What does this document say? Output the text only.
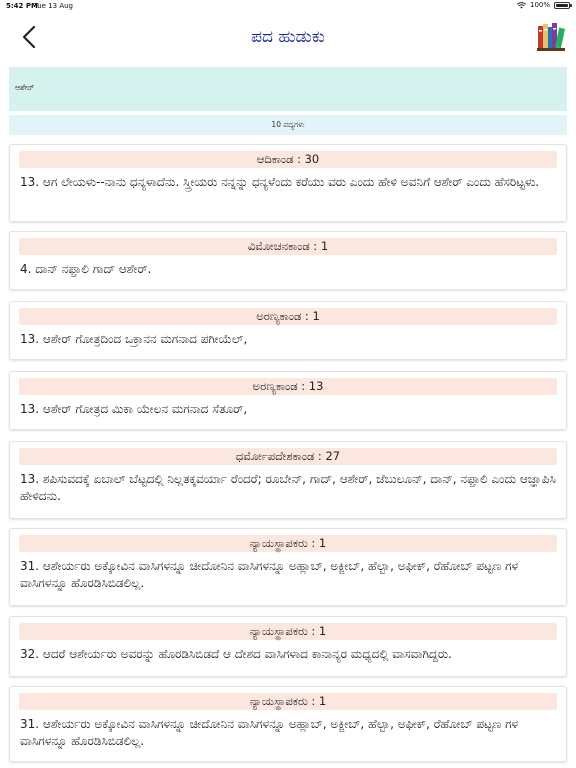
5:42 PM
Tue 13 Aug	100%
ಪದ ಹುಡುಕು
ಆಶೇರ್
10 ಪದ್ಯಗಳು
ಆದಿಕಾಂಡ : 30
13. ಆಗ ಲೇಯಳು--ನಾನು ಧನ್ಯಳಾದೆನು. ಸ್ತ್ರೀಯರು ನನ್ನನ್ನು ಧನ್ಯಳೆಂದು ಕರೆಯು ವರು ಎಂದು ಹೇಳಿ ಅವನಿಗೆ ಆಶೇರ್ ಎಂದು ಹೆಸರಿಟ್ಟಳು.
ವಿಮೋಚನಕಾಂಡ : 1
4. ದಾನ್ ನಫ್ತಾಲಿ ಗಾದ್ ಆಶೇರ್.
ಅರಣ್ಯಕಾಂಡ : 1
13. ಆಶೇರ್ ಗೋತ್ರದಿಂದ ಒಕ್ರಾನನ ಮಗನಾದ ಪಗೀಯೆಲ್,
ಅರಣ್ಯಕಾಂಡ : 13
13. ಆಶೇರ್ ಗೋತ್ರದ ಮಿಕಾ ಯೇಲನ ಮಗನಾದ ಸೆತೂರ್,
ಧರ್ಮೋಪದೇಶಕಾಂಡ : 27
13. ಶಪಿಸುವದಕ್ಕೆ ಏಬಾಲ್ ಬೆಟ್ಟದಲ್ಲಿ ನಿಲ್ಲತಕ್ಕವರ್ಯಾ ರೆಂದರೆ; ರೂಬೇನ್, ಗಾದ್, ಆಶೇರ್, ಜೆಬುಲೂನ್, ದಾನ್, ನಫ್ತಾಲಿ ಎಂದು ಆಜ್ಞಾಪಿಸಿ ಹೇಳಿದನು.
ನ್ಯಾಯಸ್ಥಾಪಕರು : 1
31. ಆಶೇರ್ಯರು ಅಕ್ಕೋವಿನ ವಾಸಿಗಳನ್ನೂ ಚೀದೋನಿನ ವಾಸಿಗಳನ್ನೂ ಅಹ್ಲಾಬ್, ಅಕ್ಜೀಬ್, ಹೆಲ್ಬಾ, ಅಫೀಕ್, ರೆಹೋಬ್ ಪಟ್ಟಣ ಗಳ ವಾಸಿಗಳನ್ನೂ ಹೊರಡಿಸಿಬಿಡಲಿಲ್ಲ.
ನ್ಯಾಯಸ್ಥಾಪಕರು : 1
32. ಆದರೆ ಆಶೇರ್ಯರು ಅವರನ್ನು ಹೊರಡಿಸಿಬಿಡದೆ ಆ ದೇಶದ ವಾಸಿಗಳಾದ ಕಾನಾನ್ಯರ ಮಧ್ಯದಲ್ಲಿ ವಾಸವಾಗಿದ್ದರು.
ನ್ಯಾಯಸ್ಥಾಪಕರು : 1
31. ಆಶೇರ್ಯರು ಅಕ್ಕೋವಿನ ವಾಸಿಗಳನ್ನೂ ಚೀದೋನಿನ ವಾಸಿಗಳನ್ನೂ ಅಹ್ಲಾಬ್, ಅಕ್ಜೀಬ್, ಹೆಲ್ಬಾ, ಅಫೀಕ್, ರೆಹೋಬ್ ಪಟ್ಟಣ ಗಳ ವಾಸಿಗಳನ್ನೂ ಹೊರಡಿಸಿಬಿಡಲಿಲ್ಲ.
